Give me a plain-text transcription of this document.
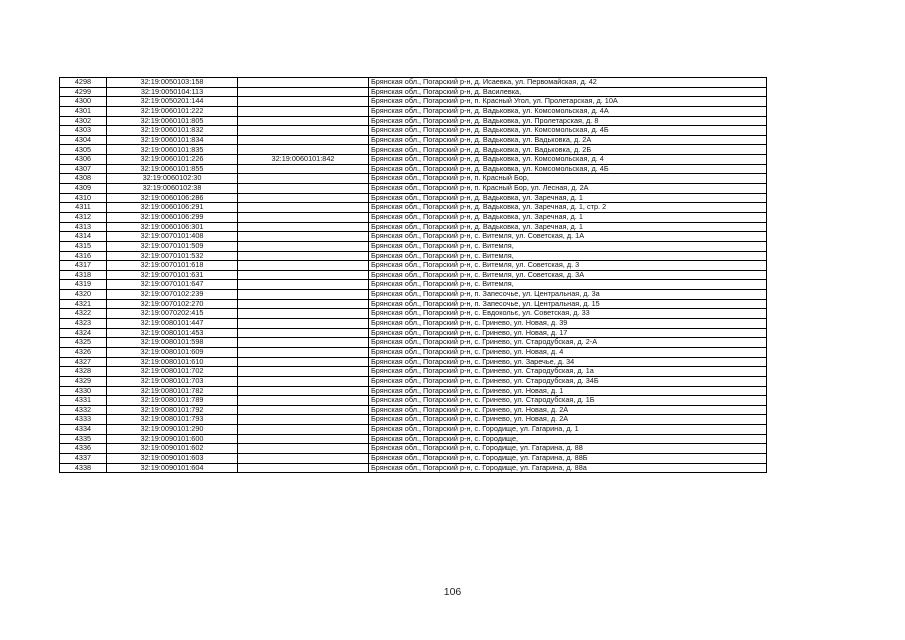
4298	32:19:0050103:158		Брянская обл., Погарский р-н, д. Исаевка, ул. Первомайская, д. 42
4299	32:19:0050104:113		Брянская обл., Погарский р-н, д. Василевка,
4300	32:19:0050201:144		Брянская обл., Погарский р-н, п. Красный Угол, ул. Пролетарская, д. 10А
4301	32:19:0060101:222		Брянская обл., Погарский р-н, д. Вадьковка, ул. Комсомольская, д. 4А
4302	32:19:0060101:805		Брянская обл., Погарский р-н, д. Вадьковка, ул. Пролетарская, д. 8
4303	32:19:0060101:832		Брянская обл., Погарский р-н, д. Вадьковка, ул. Комсомольская, д. 4Б
4304	32:19:0060101:834		Брянская обл., Погарский р-н, д. Вадьковка, ул. Вадьковка, д. 2А
4305	32:19:0060101:835		Брянская обл., Погарский р-н, д. Вадьковка, ул. Вадьковка, д. 2Б
4306	32:19:0060101:226	32:19:0060101:842	Брянская обл., Погарский р-н, д. Вадьковка, ул. Комсомольская, д. 4
4307	32:19:0060101:855		Брянская обл., Погарский р-н, д. Вадьковка, ул. Комсомольская, д. 4Б
4308	32:19:0060102:30		Брянская обл., Погарский р-н, п. Красный Бор,
4309	32:19:0060102:38		Брянская обл., Погарский р-н, п. Красный Бор, ул. Лесная, д. 2А
4310	32:19:0060106:286		Брянская обл., Погарский р-н, д. Вадьковка, ул. Заречная, д. 1
4311	32:19:0060106:291		Брянская обл., Погарский р-н, д. Вадьковка, ул. Заречная, д. 1, стр. 2
4312	32:19:0060106:299		Брянская обл., Погарский р-н, д. Вадьковка, ул. Заречная, д. 1
4313	32:19:0060106:301		Брянская обл., Погарский р-н, д. Вадьковка, ул. Заречная, д. 1
4314	32:19:0070101:408		Брянская обл., Погарский р-н, с. Витемля, ул. Советская, д. 1А
4315	32:19:0070101:509		Брянская обл., Погарский р-н, с. Витемля,
4316	32:19:0070101:532		Брянская обл., Погарский р-н, с. Витемля,
4317	32:19:0070101:618		Брянская обл., Погарский р-н, с. Витемля, ул. Советская, д. 3
4318	32:19:0070101:631		Брянская обл., Погарский р-н, с. Витемля, ул. Советская, д. 3А
4319	32:19:0070101:647		Брянская обл., Погарский р-н, с. Витемля,
4320	32:19:0070102:239		Брянская обл., Погарский р-н, п. Запесочье, ул. Центральная, д. 3а
4321	32:19:0070102:270		Брянская обл., Погарский р-н, п. Запесочье, ул. Центральная, д. 15
4322	32:19:0070202:415		Брянская обл., Погарский р-н, с. Евдокольє, ул. Советская, д. 33
4323	32:19:0080101:447		Брянская обл., Погарский р-н, с. Гринево, ул. Новая, д. 39
4324	32:19:0080101:453		Брянская обл., Погарский р-н, с. Гринево, ул. Новая, д. 17
4325	32:19:0080101:598		Брянская обл., Погарский р-н, с. Гринево, ул. Стародубская, д. 2-А
4326	32:19:0080101:609		Брянская обл., Погарский р-н, с. Гринево, ул. Новая, д. 4
4327	32:19:0080101:610		Брянская обл., Погарский р-н, с. Гринево, ул. Заречье, д. 34
4328	32:19:0080101:702		Брянская обл., Погарский р-н, с. Гринево, ул. Стародубская, д. 1а
4329	32:19:0080101:703		Брянская обл., Погарский р-н, с. Гринево, ул. Стародубская, д. 34Б
4330	32:19:0080101:782		Брянская обл., Погарский р-н, с. Гринево, ул. Новая, д. 1
4331	32:19:0080101:789		Брянская обл., Погарский р-н, с. Гринево, ул. Стародубская, д. 1Б
4332	32:19:0080101:792		Брянская обл., Погарский р-н, с. Гринево, ул. Новая, д. 2А
4333	32:19:0080101:793		Брянская обл., Погарский р-н, с. Гринево, ул. Новая, д. 2А
4334	32:19:0090101:290		Брянская обл., Погарский р-н, с. Городище, ул. Гагарина, д. 1
4335	32:19:0090101:600		Брянская обл., Погарский р-н, с. Городище,
4336	32:19:0090101:602		Брянская обл., Погарский р-н, с. Городище, ул. Гагарина, д. 88
4337	32:19:0090101:603		Брянская обл., Погарский р-н, с. Городище, ул. Гагарина, д. 88Б
4338	32:19:0090101:604		Брянская обл., Погарский р-н, с. Городище, ул. Гагарина, д. 88а
106
